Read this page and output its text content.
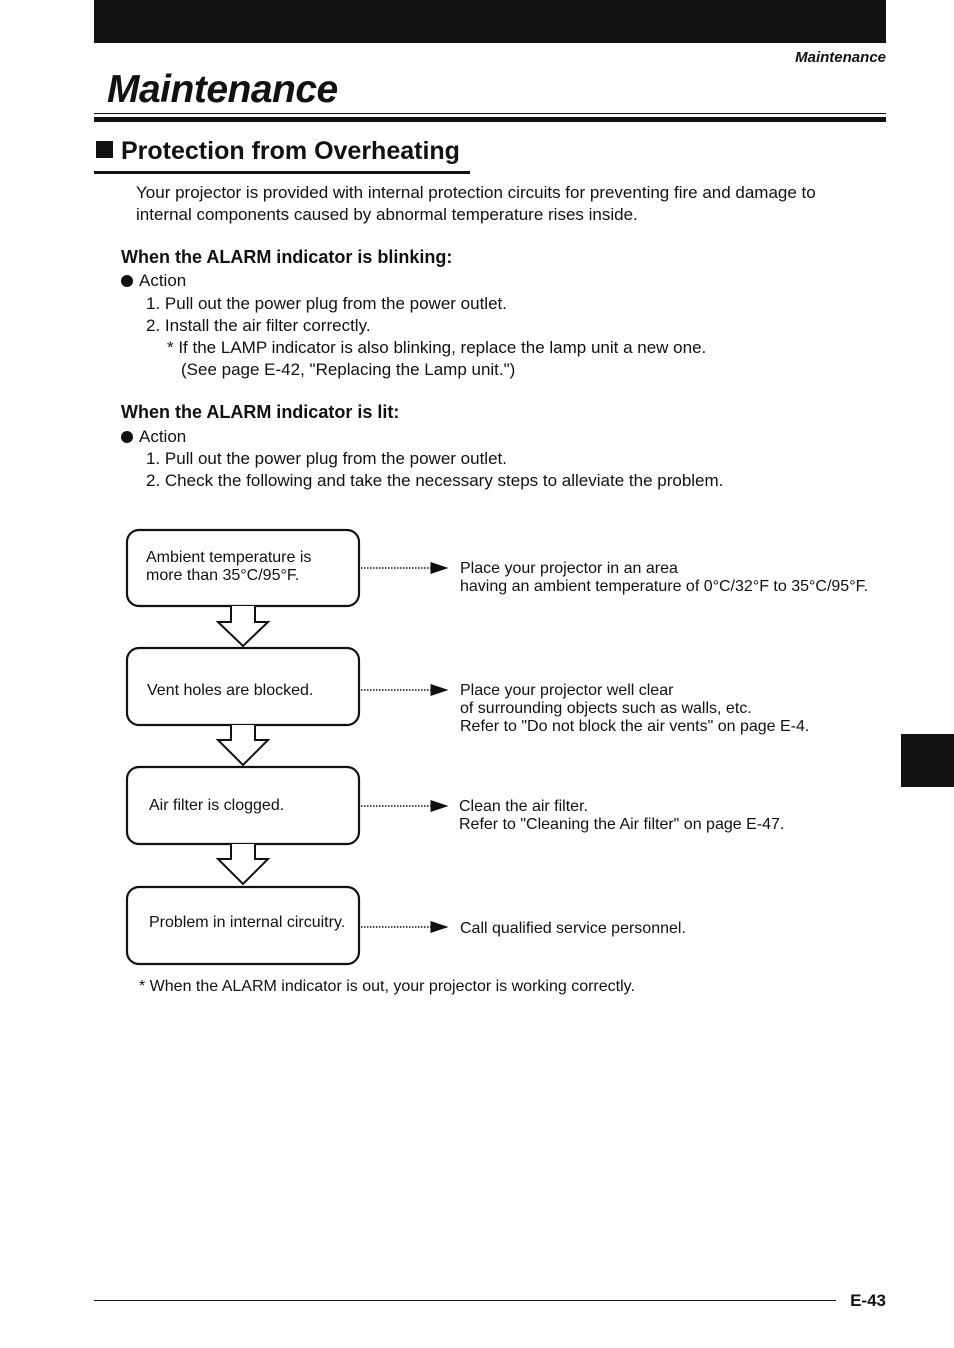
Maintenance
Maintenance
Protection from Overheating
Your projector is provided with internal protection circuits for preventing fire and damage to
internal components caused by abnormal temperature rises inside.
When the ALARM indicator is blinking:
Action
1. Pull out the power plug from the power outlet.
2. Install the air filter correctly.
* If the LAMP indicator is also blinking, replace the lamp unit a new one.
(See page E-42, "Replacing the Lamp unit.")
When the ALARM indicator is lit:
Action
1. Pull out the power plug from the power outlet.
2. Check the following and take the necessary steps to alleviate the problem.
Ambient temperature is
more than 35°C/95°F.
Vent holes are blocked.
Air filter is clogged.
Problem in internal circuitry.
Place your projector in an area
having an ambient temperature of 0°C/32°F to 35°C/95°F.
Place your projector well clear
of surrounding objects such as walls, etc.
Refer to "Do not block the air vents" on page E-4.
Clean the air filter.
Refer to "Cleaning the Air filter" on page E-47.
Call qualified service personnel.
* When the ALARM indicator is out, your projector is working correctly.
E-43
